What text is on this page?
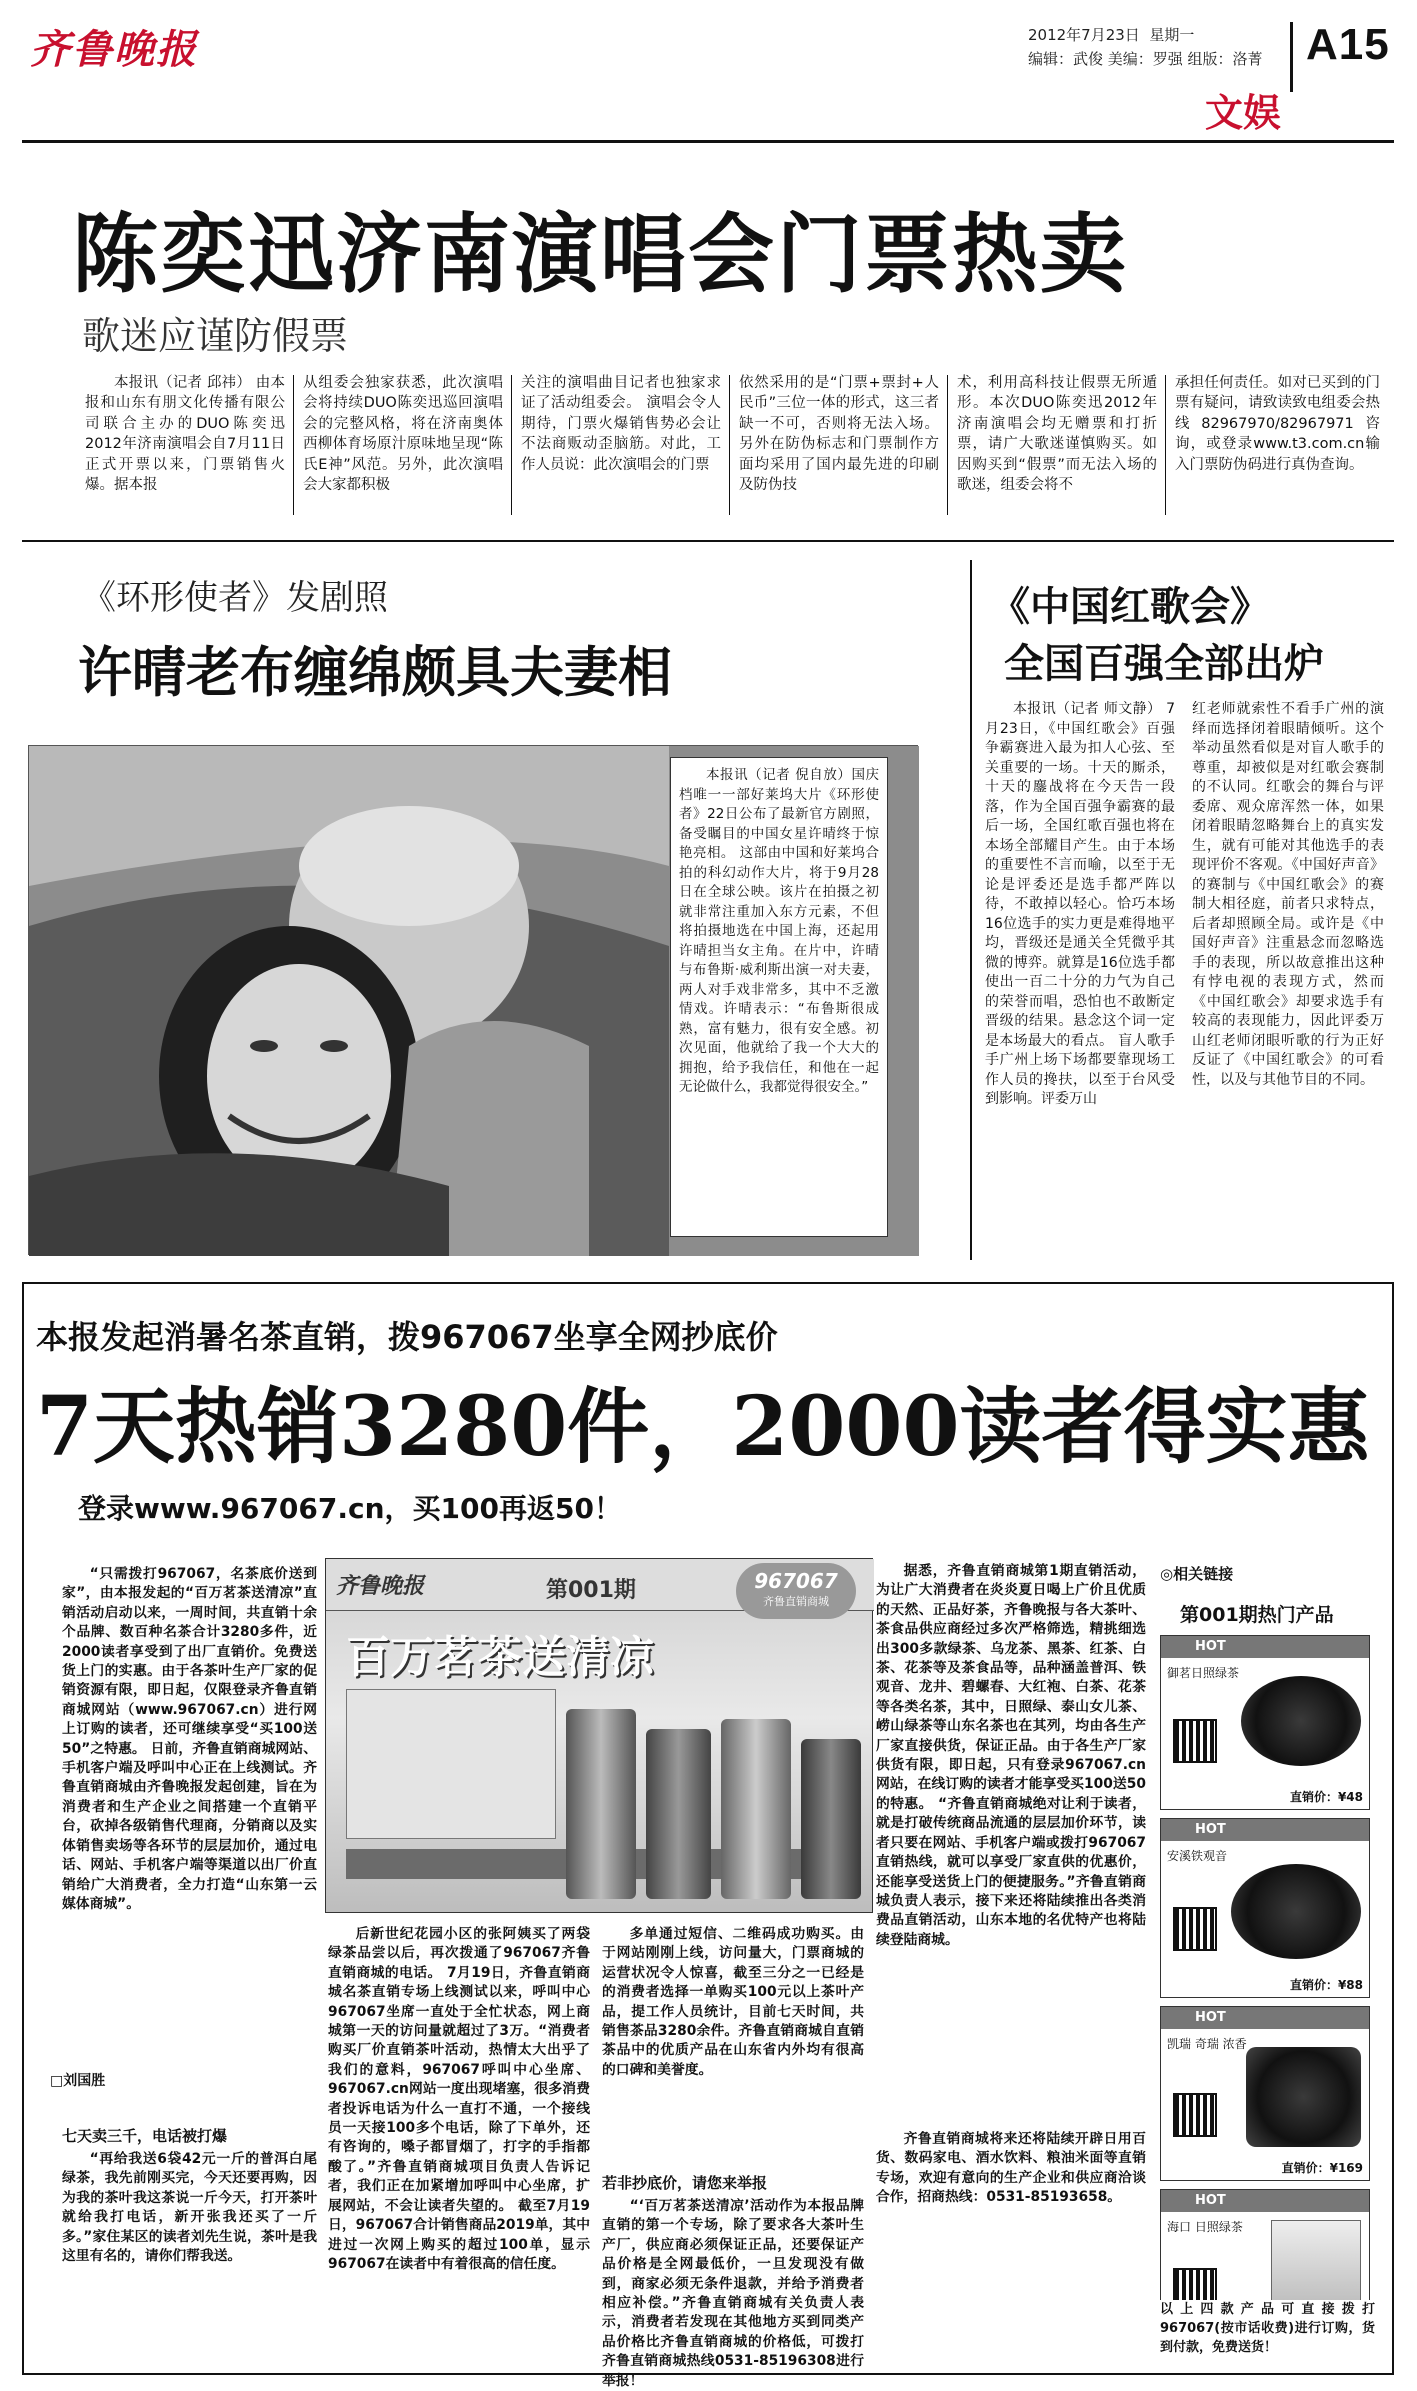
齐鲁晚报	2012年7月23日 星期一
编辑：武俊 美编：罗强 组版：洛菁 A15
文娱
陈奕迅济南演唱会门票热卖
歌迷应谨防假票
本报讯（记者 邱祎） 由本报和山东有朋文化传播有限公司联合主办的DUO陈奕迅2012年济南演唱会自7月11日正式开票以来，门票销售火爆。据本报
从组委会独家获悉，此次演唱会将持续DUO陈奕迅巡回演唱会的完整风格，将在济南奥体西柳体育场原汁原味地呈现“陈氏E神”风范。另外，此次演唱会大家都积极
关注的演唱曲目记者也独家求证了活动组委会。 演唱会令人期待，门票火爆销售势必会让不法商贩动歪脑筋。对此，工作人员说：此次演唱会的门票
依然采用的是“门票+票封+人民币”三位一体的形式，这三者缺一不可，否则将无法入场。另外在防伪标志和门票制作方面均采用了国内最先进的印刷及防伪技
术，利用高科技让假票无所遁形。本次DUO陈奕迅2012年济南演唱会均无赠票和打折票，请广大歌迷谨慎购买。如因购买到“假票”而无法入场的歌迷，组委会将不
承担任何责任。如对已买到的门票有疑问，请致读致电组委会热线82967970/82967971咨询，或登录www.t3.com.cn输入门票防伪码进行真伪查询。
《环形使者》发剧照
许晴老布缠绵颇具夫妻相
本报讯（记者 倪自放）国庆档唯一一部好莱坞大片《环形使者》22日公布了最新官方剧照，备受瞩目的中国女星许晴终于惊艳亮相。 这部由中国和好莱坞合拍的科幻动作大片，将于9月28日在全球公映。该片在拍摄之初就非常注重加入东方元素，不但将拍摄地选在中国上海，还起用许晴担当女主角。在片中，许晴与布鲁斯·威利斯出演一对夫妻，两人对手戏非常多，其中不乏激情戏。许晴表示：“布鲁斯很成熟，富有魅力，很有安全感。初次见面，他就给了我一个大大的拥抱，给予我信任，和他在一起无论做什么，我都觉得很安全。”
《中国红歌会》
全国百强全部出炉
本报讯（记者 师文静） 7月23日，《中国红歌会》百强争霸赛进入最为扣人心弦、至关重要的一场。十天的厮杀，十天的鏖战将在今天告一段落，作为全国百强争霸赛的最后一场，全国红歌百强也将在本场全部耀目产生。由于本场的重要性不言而喻，以至于无论是评委还是选手都严阵以待，不敢掉以轻心。恰巧本场16位选手的实力更是难得地平均，晋级还是通关全凭微乎其微的博弈。就算是16位选手都使出一百二十分的力气为自己的荣誉而唱，恐怕也不敢断定晋级的结果。悬念这个词一定是本场最大的看点。 盲人歌手手广州上场下场都要靠现场工作人员的搀扶，以至于台风受到影响。评委万山
红老师就索性不看手广州的演绎而选择闭着眼睛倾听。这个举动虽然看似是对盲人歌手的尊重，却被似是对红歌会赛制的不认同。红歌会的舞台与评委席、观众席浑然一体，如果闭着眼睛忽略舞台上的真实发生，就有可能对其他选手的表现评价不客观。《中国好声音》的赛制与《中国红歌会》的赛制大相径庭，前者只求特点，后者却照顾全局。或许是《中国好声音》注重悬念而忽略选手的表现，所以故意推出这种有悖电视的表现方式，然而《中国红歌会》却要求选手有较高的表现能力，因此评委万山红老师闭眼听歌的行为正好反证了《中国红歌会》的可看性，以及与其他节目的不同。
本报发起消暑名茶直销，拨967067坐享全网抄底价
7天热销3280件，2000读者得实惠
登录www.967067.cn，买100再返50！
“只需拨打967067，名茶底价送到家”，由本报发起的“百万茗茶送清凉”直销活动启动以来，一周时间，共直销十余个品牌、数百种名茶合计3280多件，近2000读者享受到了出厂直销价。免费送货上门的实惠。由于各茶叶生产厂家的促销资源有限，即日起，仅限登录齐鲁直销商城网站（www.967067.cn）进行网上订购的读者，还可继续享受“买100送50”之特惠。 日前，齐鲁直销商城网站、手机客户端及呼叫中心正在上线测试。齐鲁直销商城由齐鲁晚报发起创建，旨在为消费者和生产企业之间搭建一个直销平台，砍掉各级销售代理商，分销商以及实体销售卖场等各环节的层层加价，通过电话、网站、手机客户端等渠道以出厂价直销给广大消费者，全力打造“山东第一云媒体商城”。
□刘国胜
七天卖三千，电话被打爆
“再给我送6袋42元一斤的普洱白尾绿茶，我先前刚买完，今天还要再购，因为我的茶叶我这茶说一斤今天，打开茶叶就给我打电话，新开张我还买了一斤多。”家住某区的读者刘先生说，茶叶是我这里有名的，请你们帮我送。
齐鲁晚报	第001期	967067
齐鲁直销商城
百万茗茶送清凉
后新世纪花园小区的张阿姨买了两袋绿茶品尝以后，再次拨通了967067齐鲁直销商城的电话。 7月19日，齐鲁直销商城名茶直销专场上线测试以来，呼叫中心967067坐席一直处于全忙状态，网上商城第一天的访问量就超过了3万。“消费者购买厂价直销茶叶活动，热情太大出乎了我们的意料，967067呼叫中心坐席、967067.cn网站一度出现堵塞，很多消费者投诉电话为什么一直打不通，一个接线员一天接100多个电话，除了下单外，还有咨询的，嗓子都冒烟了，打字的手指都酸了。”齐鲁直销商城项目负责人告诉记者，我们正在加紧增加呼叫中心坐席，扩展网站，不会让读者失望的。 截至7月19日，967067合计销售商品2019单，其中进过一次网上购买的超过100单，显示967067在读者中有着很高的信任度。
多单通过短信、二维码成功购买。由于网站刚刚上线，访问量大，门票商城的运营状况令人惊喜，截至三分之一已经是的消费者选择一单购买100元以上茶叶产品，提工作人员统计，目前七天时间，共销售茶品3280余件。齐鲁直销商城自直销茶品中的优质产品在山东省内外均有很高的口碑和美誉度。
若非抄底价，请您来举报
“‘百万茗茶送清凉’活动作为本报品牌直销的第一个专场，除了要求各大茶叶生产厂，供应商必须保证正品，还要保证产品价格是全网最低价，一旦发现没有做到，商家必须无条件退款，并给予消费者相应补偿。”齐鲁直销商城有关负责人表示，消费者若发现在其他地方买到同类产品价格比齐鲁直销商城的价格低，可拨打齐鲁直销商城热线0531-85196308进行举报！
据悉，齐鲁直销商城第1期直销活动，为让广大消费者在炎炎夏日喝上广价且优质的天然、正品好茶，齐鲁晚报与各大茶叶、茶食品供应商经过多次严格筛选，精挑细选出300多款绿茶、乌龙茶、黑茶、红茶、白茶、花茶等及茶食品等，品种涵盖普洱、铁观音、龙井、碧螺春、大红袍、白茶、花茶等各类名茶，其中，日照绿、泰山女儿茶、崂山绿茶等山东名茶也在其列，均由各生产厂家直接供货，保证正品。由于各生产厂家供货有限，即日起，只有登录967067.cn网站，在线订购的读者才能享受买100送50的特惠。 “齐鲁直销商城绝对让利于读者，就是打破传统商品流通的层层加价环节，读者只要在网站、手机客户端或拨打967067直销热线，就可以享受厂家直供的优惠价，还能享受送货上门的便捷服务。”齐鲁直销商城负责人表示，接下来还将陆续推出各类消费品直销活动，山东本地的名优特产也将陆续登陆商城。
齐鲁直销商城将来还将陆续开辟日用百货、数码家电、酒水饮料、粮油米面等直销专场，欢迎有意向的生产企业和供应商洽谈合作，招商热线：0531-85193658。
◎相关链接
第001期热门产品
HOT
御茗日照绿茶
直销价：¥48
HOT
安溪铁观音
直销价：¥88
HOT
凯瑞 奇瑞 浓香
直销价：¥169
HOT
海口 日照绿茶
以上四款产品可直接拨打967067(按市话收费)进行订购，货到付款，免费送货！
